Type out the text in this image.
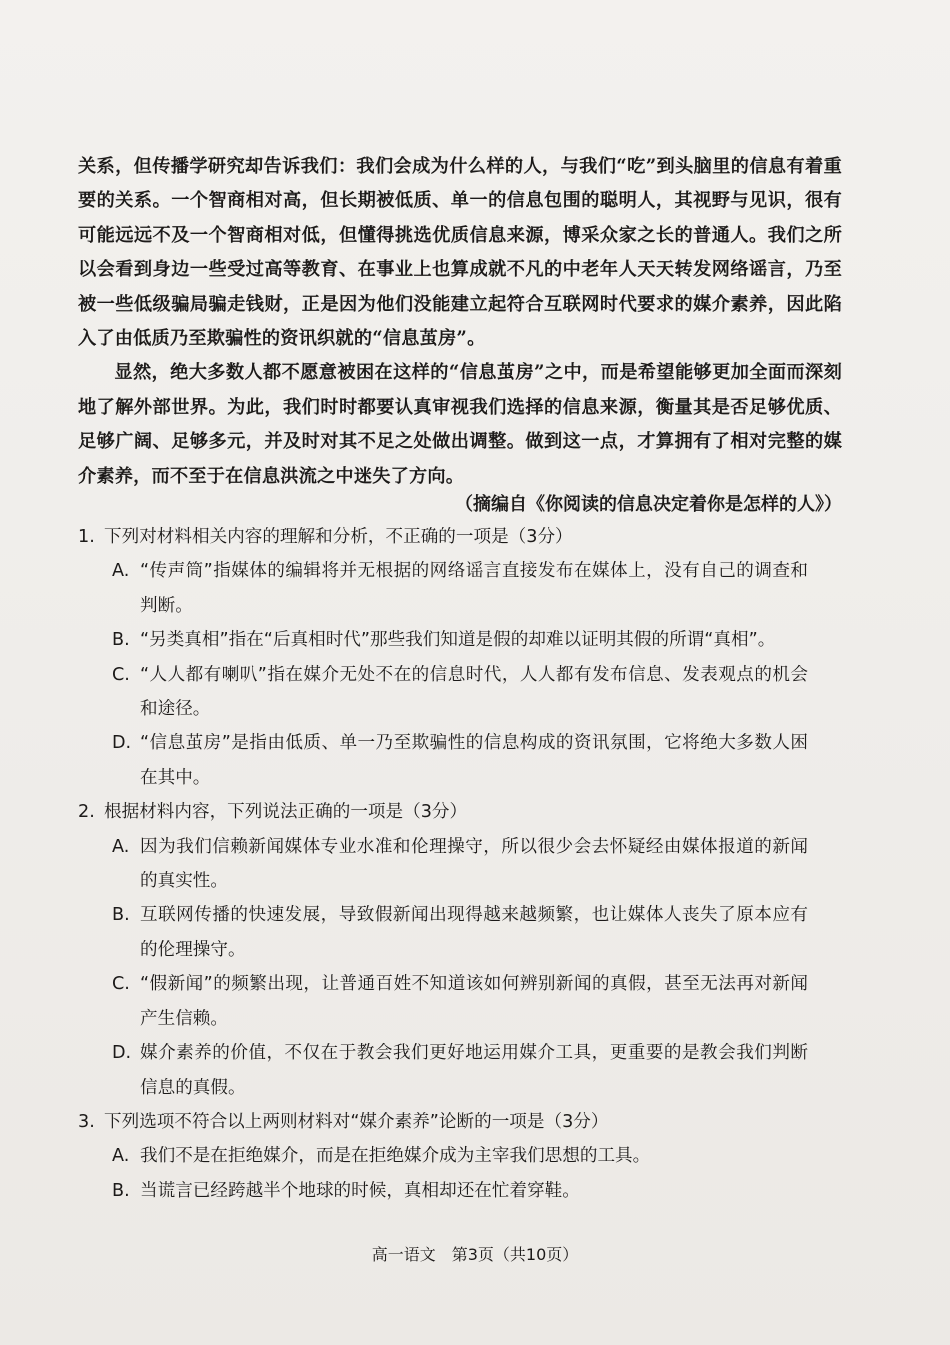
关系，但传播学研究却告诉我们：我们会成为什么样的人，与我们“吃”到头脑里的信息有着重要的关系。一个智商相对高，但长期被低质、单一的信息包围的聪明人，其视野与见识，很有可能远远不及一个智商相对低，但懂得挑选优质信息来源，博采众家之长的普通人。我们之所以会看到身边一些受过高等教育、在事业上也算成就不凡的中老年人天天转发网络谣言，乃至被一些低级骗局骗走钱财，正是因为他们没能建立起符合互联网时代要求的媒介素养，因此陷入了由低质乃至欺骗性的资讯织就的“信息茧房”。

显然，绝大多数人都不愿意被困在这样的“信息茧房”之中，而是希望能够更加全面而深刻地了解外部世界。为此，我们时时都要认真审视我们选择的信息来源，衡量其是否足够优质、足够广阔、足够多元，并及时对其不足之处做出调整。做到这一点，才算拥有了相对完整的媒介素养，而不至于在信息洪流之中迷失了方向。

（摘编自《你阅读的信息决定着你是怎样的人》）

1. 下列对材料相关内容的理解和分析，不正确的一项是（3分）

A. “传声筒”指媒体的编辑将并无根据的网络谣言直接发布在媒体上，没有自己的调查和判断。
B. “另类真相”指在“后真相时代”那些我们知道是假的却难以证明其假的所谓“真相”。
C. “人人都有喇叭”指在媒介无处不在的信息时代，人人都有发布信息、发表观点的机会和途径。
D. “信息茧房”是指由低质、单一乃至欺骗性的信息构成的资讯氛围，它将绝大多数人困在其中。

2. 根据材料内容，下列说法正确的一项是（3分）

A. 因为我们信赖新闻媒体专业水准和伦理操守，所以很少会去怀疑经由媒体报道的新闻的真实性。
B. 互联网传播的快速发展，导致假新闻出现得越来越频繁，也让媒体人丧失了原本应有的伦理操守。
C. “假新闻”的频繁出现，让普通百姓不知道该如何辨别新闻的真假，甚至无法再对新闻产生信赖。
D. 媒介素养的价值，不仅在于教会我们更好地运用媒介工具，更重要的是教会我们判断信息的真假。

3. 下列选项不符合以上两则材料对“媒介素养”论断的一项是（3分）

A. 我们不是在拒绝媒介，而是在拒绝媒介成为主宰我们思想的工具。
B. 当谎言已经跨越半个地球的时候，真相却还在忙着穿鞋。
高一语文　第3页（共10页）
